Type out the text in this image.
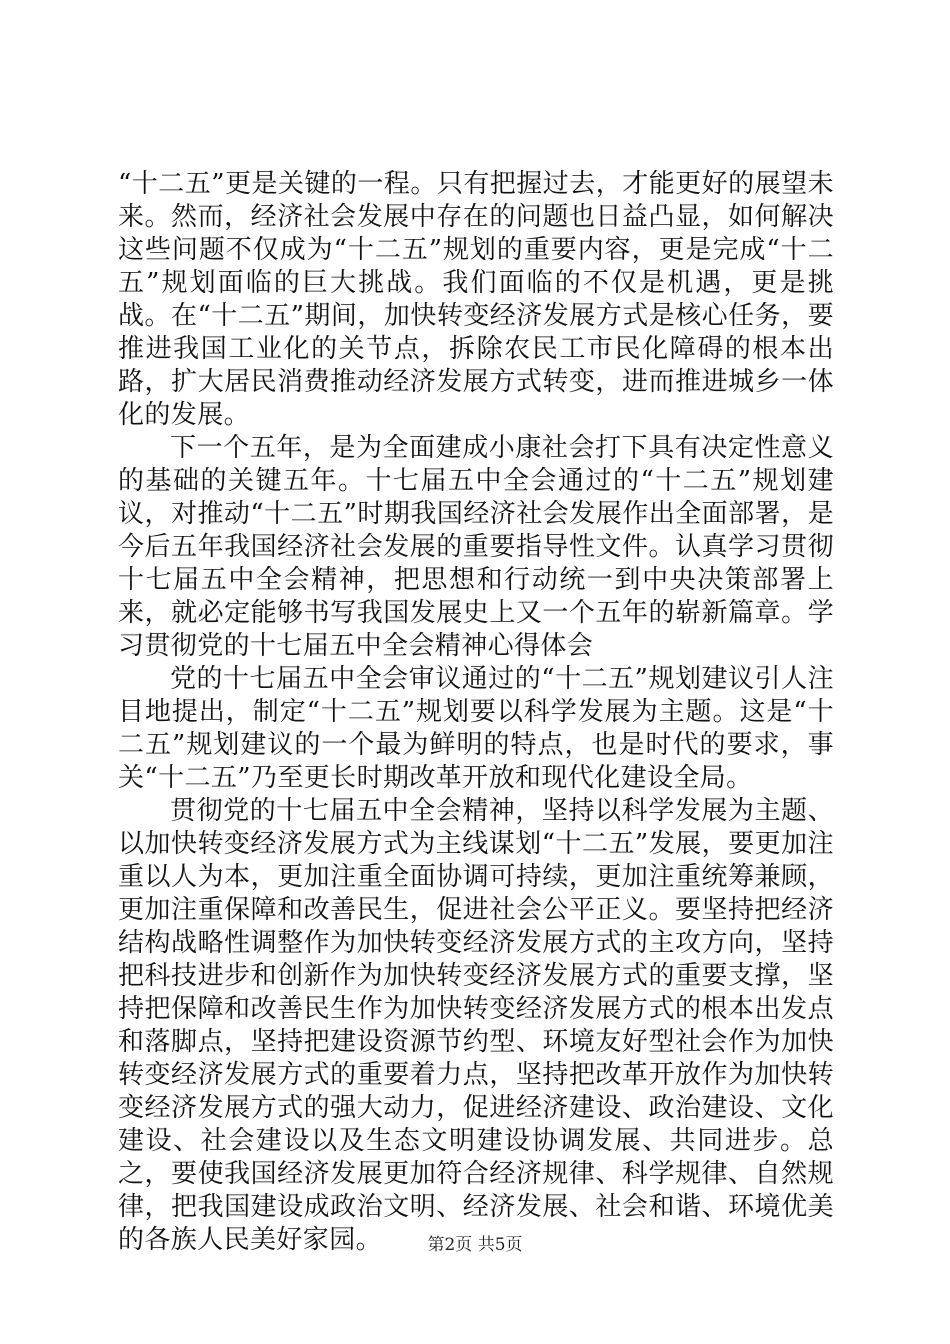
“十二五”更是关键的一程。只有把握过去，才能更好的展望未来。然而，经济社会发展中存在的问题也日益凸显，如何解决这些问题不仅成为“十二五”规划的重要内容，更是完成“十二五”规划面临的巨大挑战。我们面临的不仅是机遇，更是挑战。在“十二五”期间，加快转变经济发展方式是核心任务，要推进我国工业化的关节点，拆除农民工市民化障碍的根本出路，扩大居民消费推动经济发展方式转变，进而推进城乡一体化的发展。

下一个五年，是为全面建成小康社会打下具有决定性意义的基础的关键五年。十七届五中全会通过的“十二五”规划建议，对推动“十二五”时期我国经济社会发展作出全面部署，是今后五年我国经济社会发展的重要指导性文件。认真学习贯彻十七届五中全会精神，把思想和行动统一到中央决策部署上来，就必定能够书写我国发展史上又一个五年的崭新篇章。学习贯彻党的十七届五中全会精神心得体会

党的十七届五中全会审议通过的“十二五”规划建议引人注目地提出，制定“十二五”规划要以科学发展为主题。这是“十二五”规划建议的一个最为鲜明的特点，也是时代的要求，事关“十二五”乃至更长时期改革开放和现代化建设全局。

贯彻党的十七届五中全会精神，坚持以科学发展为主题、以加快转变经济发展方式为主线谋划“十二五”发展，要更加注重以人为本，更加注重全面协调可持续，更加注重统筹兼顾，更加注重保障和改善民生，促进社会公平正义。要坚持把经济结构战略性调整作为加快转变经济发展方式的主攻方向，坚持把科技进步和创新作为加快转变经济发展方式的重要支撑，坚持把保障和改善民生作为加快转变经济发展方式的根本出发点和落脚点，坚持把建设资源节约型、环境友好型社会作为加快转变经济发展方式的重要着力点，坚持把改革开放作为加快转变经济发展方式的强大动力，促进经济建设、政治建设、文化建设、社会建设以及生态文明建设协调发展、共同进步。总之，要使我国经济发展更加符合经济规律、科学规律、自然规律，把我国建设成政治文明、经济发展、社会和谐、环境优美的各族人民美好家园。	第2页 共5页
